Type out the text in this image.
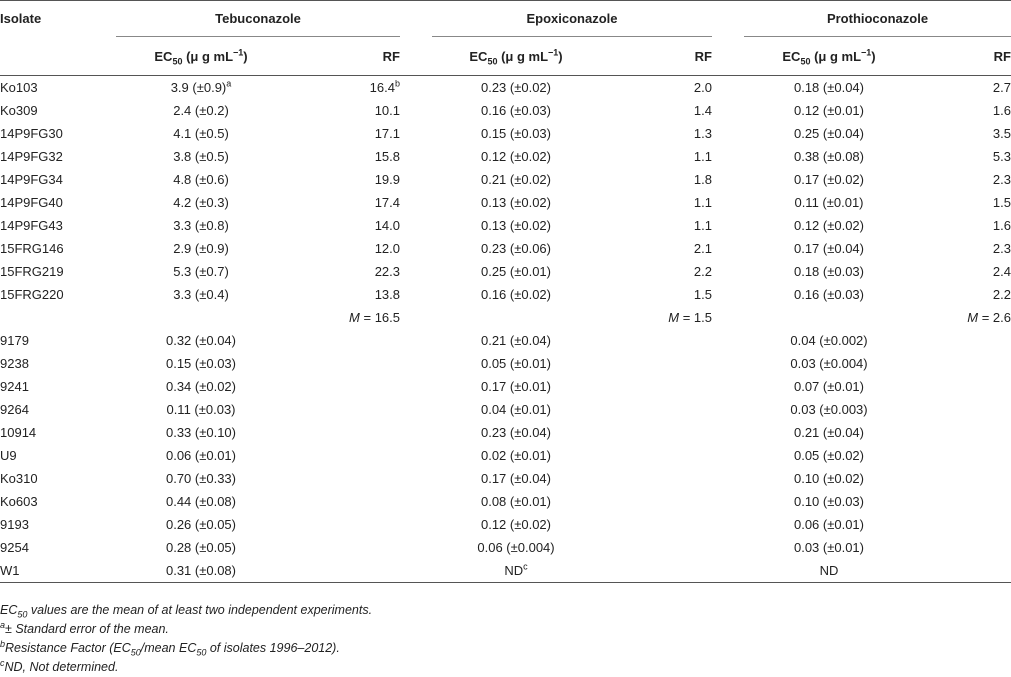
Isolate	Tebuconazole			Epoxiconazole			Prothioconazole	
	$EC_{50}$ (μ g $mL^{-1}$)	RF		$EC_{50}$ (μ g $mL^{-1}$)	RF		$EC_{50}$ (μ g $mL^{-1}$)	RF

Ko103	3.9 $(\pm 0.9)^a$	16.4$^b$		0.23 (±0.02)	2.0		0.18 (±0.04)	2.7
Ko309	2.4 (±0.2)	10.1		0.16 (±0.03)	1.4		0.12 (±0.01)	1.6
14P9FG30	4.1 (±0.5)	17.1		0.15 (±0.03)	1.3		0.25 (±0.04)	3.5
14P9FG32	3.8 (±0.5)	15.8		0.12 (±0.02)	1.1		0.38 (±0.08)	5.3
14P9FG34	4.8 (±0.6)	19.9		0.21 (±0.02)	1.8		0.17 (±0.02)	2.3
14P9FG40	4.2 (±0.3)	17.4		0.13 (±0.02)	1.1		0.11 (±0.01)	1.5
14P9FG43	3.3 (±0.8)	14.0		0.13 (±0.02)	1.1		0.12 (±0.02)	1.6
15FRG146	2.9 (±0.9)	12.0		0.23 (±0.06)	2.1		0.17 (±0.04)	2.3
15FRG219	5.3 (±0.7)	22.3		0.25 (±0.01)	2.2		0.18 (±0.03)	2.4
15FRG220	3.3 (±0.4)	13.8		0.16 (±0.02)	1.5		0.16 (±0.03)	2.2
		M = 16.5			M = 1.5			M = 2.6
9179	0.32 (±0.04)			0.21 (±0.04)			0.04 (±0.002)	
9238	0.15 (±0.03)			0.05 (±0.01)			0.03 (±0.004)	
9241	0.34 (±0.02)			0.17 (±0.01)			0.07 (±0.01)	
9264	0.11 (±0.03)			0.04 (±0.01)			0.03 (±0.003)	
10914	0.33 (±0.10)			0.23 (±0.04)			0.21 (±0.04)	
U9	0.06 (±0.01)			0.02 (±0.01)			0.05 (±0.02)	
Ko310	0.70 (±0.33)			0.17 (±0.04)			0.10 (±0.02)	
Ko603	0.44 (±0.08)			0.08 (±0.01)			0.10 (±0.03)	
9193	0.26 (±0.05)			0.12 (±0.02)			0.06 (±0.01)	
9254	0.28 (±0.05)			0.06 (±0.004)			0.03 (±0.01)	
W1	0.31 (±0.08)			$ND^c$			ND	

$EC_{50}$ values are the mean of at least two independent experiments.
$^a$± Standard error of the mean.
$^b$Resistance Factor ($EC_{50}$/mean $EC_{50}$ of isolates 1996–2012).
$^c$ND, Not determined.
